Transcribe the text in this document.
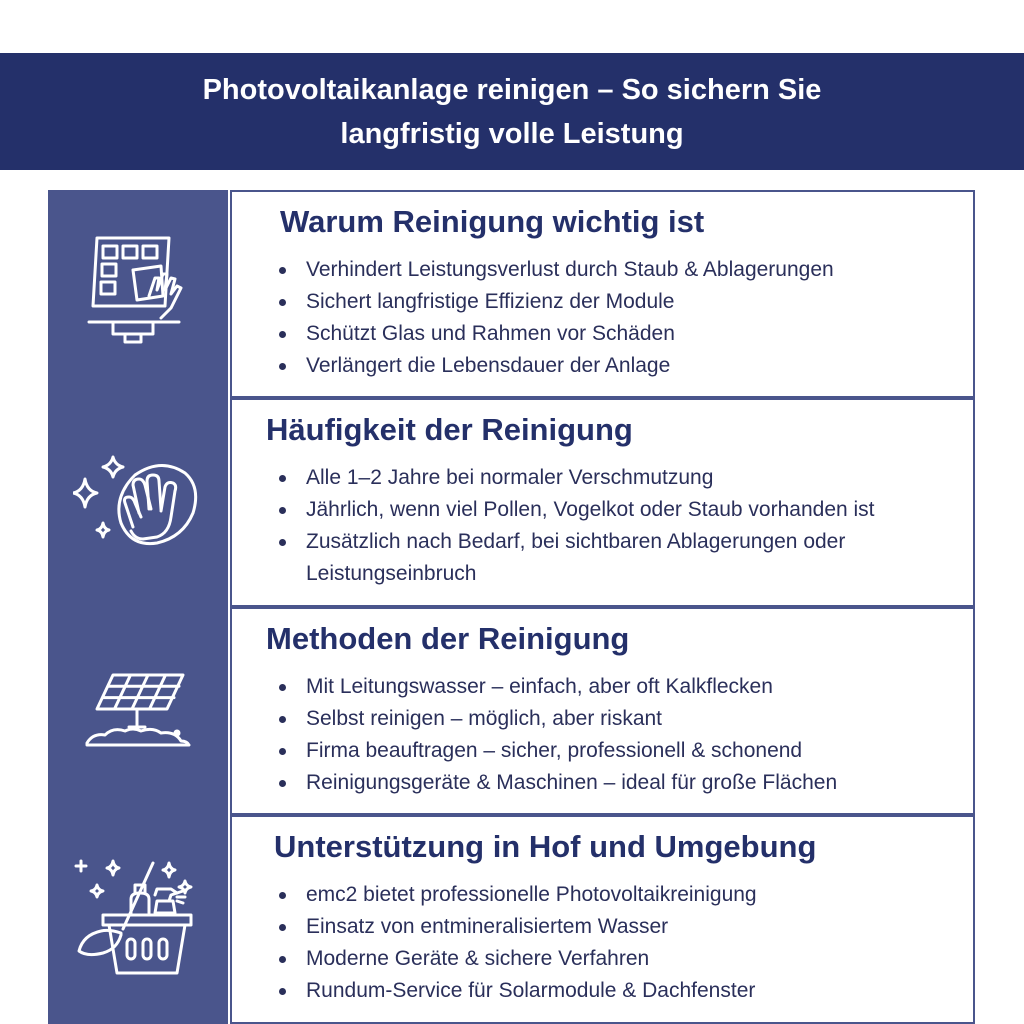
Photovoltaikanlage reinigen – So sichern Sie
langfristig volle Leistung
Warum Reinigung wichtig ist
Verhindert Leistungsverlust durch Staub & Ablagerungen
Sichert langfristige Effizienz der Module
Schützt Glas und Rahmen vor Schäden
Verlängert die Lebensdauer der Anlage
Häufigkeit der Reinigung
Alle 1–2 Jahre bei normaler Verschmutzung
Jährlich, wenn viel Pollen, Vogelkot oder Staub vorhanden ist
Zusätzlich nach Bedarf, bei sichtbaren Ablagerungen oder Leistungseinbruch
Methoden der Reinigung
Mit Leitungswasser – einfach, aber oft Kalkflecken
Selbst reinigen – möglich, aber riskant
Firma beauftragen – sicher, professionell & schonend
Reinigungsgeräte & Maschinen – ideal für große Flächen
Unterstützung in Hof und Umgebung
emc2 bietet professionelle Photovoltaikreinigung
Einsatz von entmineralisiertem Wasser
Moderne Geräte & sichere Verfahren
Rundum-Service für Solarmodule & Dachfenster
